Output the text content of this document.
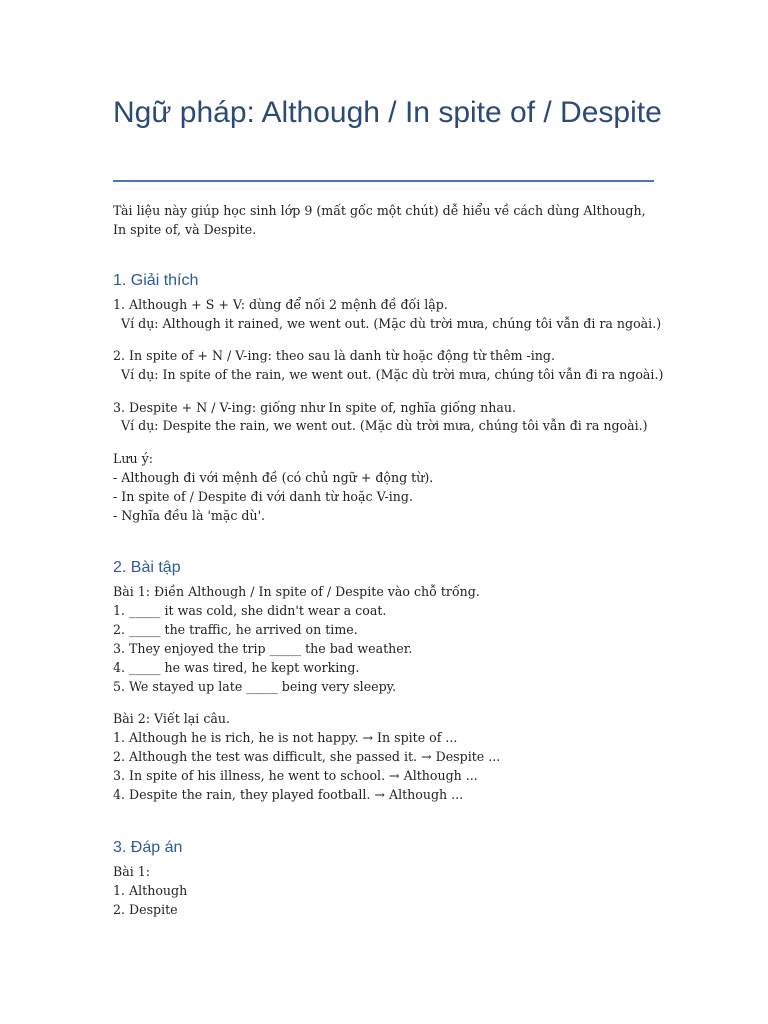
Ngữ pháp: Although / In spite of / Despite
Tài liệu này giúp học sinh lớp 9 (mất gốc một chút) dễ hiểu về cách dùng Although, In spite of, và Despite.
1. Giải thích
1. Although + S + V: dùng để nối 2 mệnh đề đối lập.
Ví dụ: Although it rained, we went out. (Mặc dù trời mưa, chúng tôi vẫn đi ra ngoài.)
2. In spite of + N / V-ing: theo sau là danh từ hoặc động từ thêm -ing.
Ví dụ: In spite of the rain, we went out. (Mặc dù trời mưa, chúng tôi vẫn đi ra ngoài.)
3. Despite + N / V-ing: giống như In spite of, nghĩa giống nhau.
Ví dụ: Despite the rain, we went out. (Mặc dù trời mưa, chúng tôi vẫn đi ra ngoài.)
Lưu ý:
- Although đi với mệnh đề (có chủ ngữ + động từ).
- In spite of / Despite đi với danh từ hoặc V-ing.
- Nghĩa đều là 'mặc dù'.
2. Bài tập
Bài 1: Điền Although / In spite of / Despite vào chỗ trống.
1. _____ it was cold, she didn't wear a coat.
2. _____ the traffic, he arrived on time.
3. They enjoyed the trip _____ the bad weather.
4. _____ he was tired, he kept working.
5. We stayed up late _____ being very sleepy.
Bài 2: Viết lại câu.
1. Although he is rich, he is not happy. → In spite of ...
2. Although the test was difficult, she passed it. → Despite ...
3. In spite of his illness, he went to school. → Although ...
4. Despite the rain, they played football. → Although ...
3. Đáp án
Bài 1:
1. Although
2. Despite
